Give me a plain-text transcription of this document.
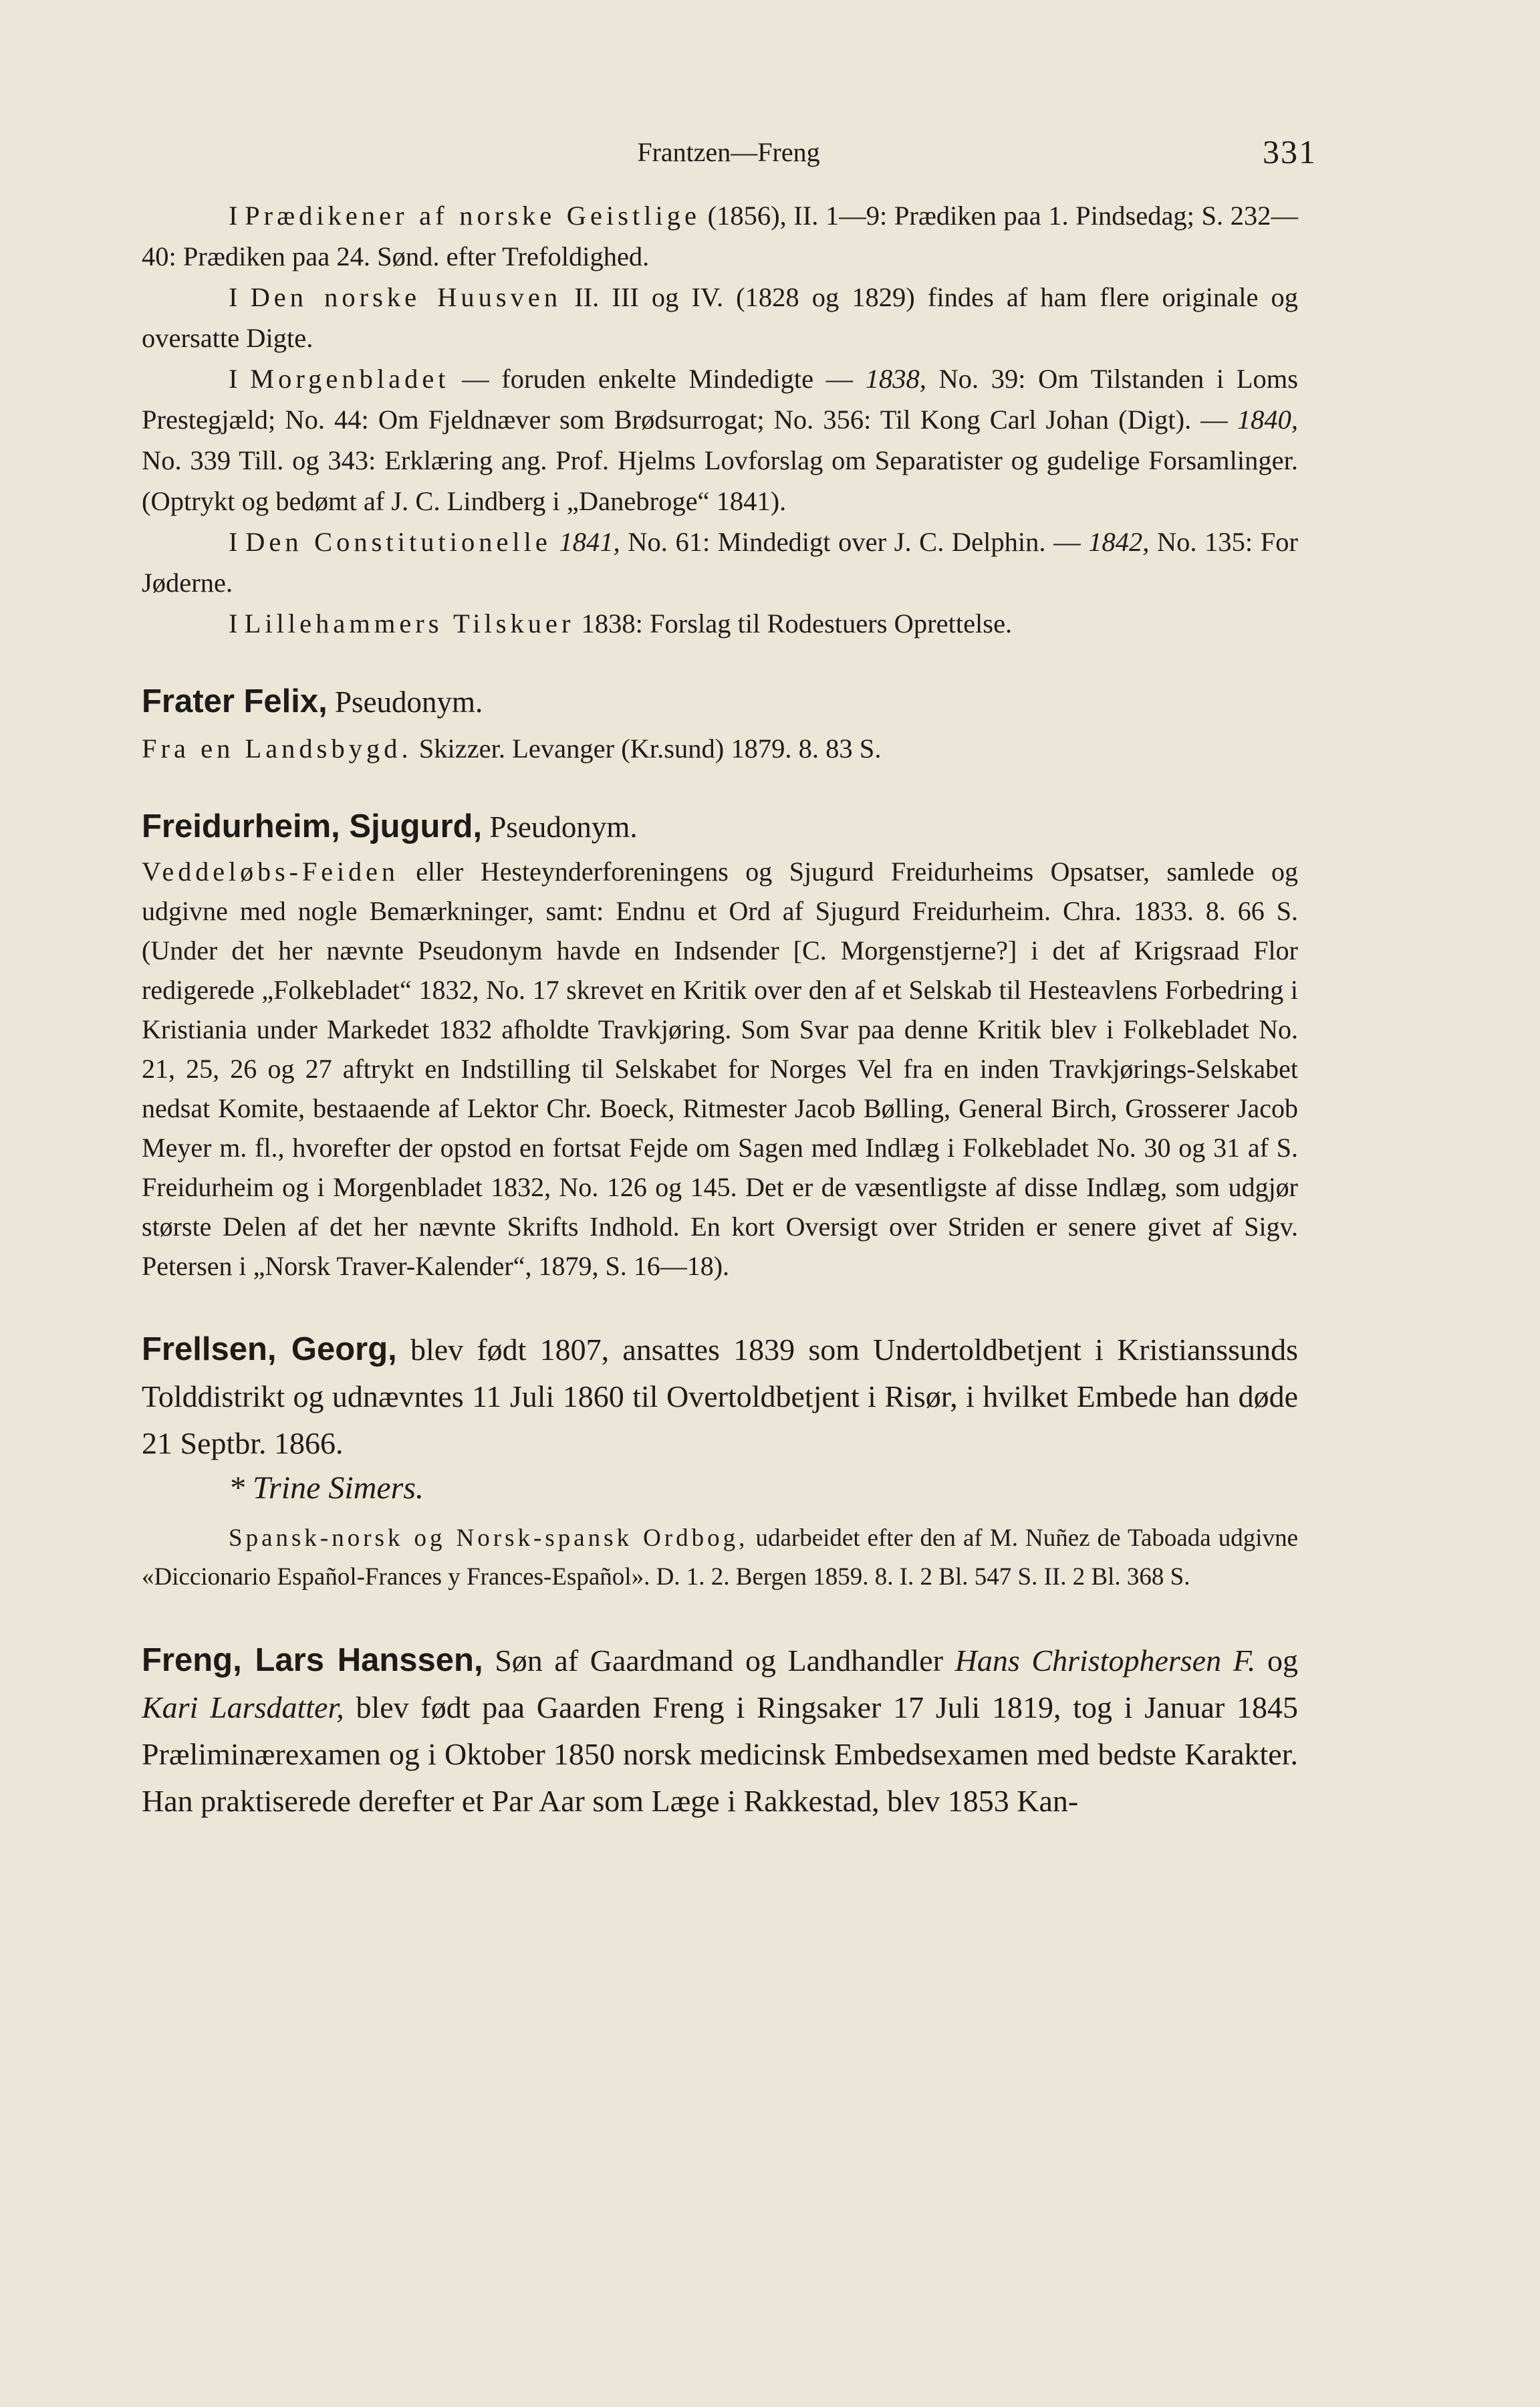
Frantzen—Freng	331

I Prædikener af norske Geistlige (1856), II. 1—9: Prædiken paa 1. Pindsedag; S. 232—40: Prædiken paa 24. Sønd. efter Trefoldighed.

I Den norske Huusven II. III og IV. (1828 og 1829) findes af ham flere originale og oversatte Digte.

I Morgenbladet — foruden enkelte Mindedigte — 1838, No. 39: Om Tilstanden i Loms Prestegjæld; No. 44: Om Fjeldnæver som Brødsurrogat; No. 356: Til Kong Carl Johan (Digt). — 1840, No. 339 Till. og 343: Erklæring ang. Prof. Hjelms Lovforslag om Separatister og gudelige Forsamlinger. (Optrykt og bedømt af J. C. Lindberg i „Danebroge“ 1841).

I Den Constitutionelle 1841, No. 61: Mindedigt over J. C. Delphin. — 1842, No. 135: For Jøderne.

I Lillehammers Tilskuer 1838: Forslag til Rodestuers Oprettelse.

Frater Felix, Pseudonym.

Fra en Landsbygd. Skizzer. Levanger (Kr.sund) 1879. 8. 83 S.

Freidurheim, Sjugurd, Pseudonym.

Veddeløbs-Feiden eller Hesteynderforeningens og Sjugurd Freidurheims Opsatser, samlede og udgivne med nogle Bemærkninger, samt: Endnu et Ord af Sjugurd Freidurheim. Chra. 1833. 8. 66 S. (Under det her nævnte Pseudonym havde en Indsender [C. Morgenstjerne?] i det af Krigsraad Flor redigerede „Folkebladet“ 1832, No. 17 skrevet en Kritik over den af et Selskab til Hesteavlens Forbedring i Kristiania under Markedet 1832 afholdte Travkjøring. Som Svar paa denne Kritik blev i Folkebladet No. 21, 25, 26 og 27 aftrykt en Indstilling til Selskabet for Norges Vel fra en inden Travkjørings-Selskabet nedsat Komite, bestaaende af Lektor Chr. Boeck, Ritmester Jacob Bølling, General Birch, Grosserer Jacob Meyer m. fl., hvorefter der opstod en fortsat Fejde om Sagen med Indlæg i Folkebladet No. 30 og 31 af S. Freidurheim og i Morgenbladet 1832, No. 126 og 145. Det er de væsentligste af disse Indlæg, som udgjør største Delen af det her nævnte Skrifts Indhold. En kort Oversigt over Striden er senere givet af Sigv. Petersen i „Norsk Traver-Kalender“, 1879, S. 16—18).

Frellsen, Georg, blev født 1807, ansattes 1839 som Undertoldbetjent i Kristianssunds Tolddistrikt og udnævntes 11 Juli 1860 til Overtoldbetjent i Risør, i hvilket Embede han døde 21 Septbr. 1866.

* Trine Simers.

Spansk-norsk og Norsk-spansk Ordbog, udarbeidet efter den af M. Nuñez de Taboada udgivne «Diccionario Español-Frances y Frances-Español». D. 1. 2. Bergen 1859. 8. I. 2 Bl. 547 S. II. 2 Bl. 368 S.

Freng, Lars Hanssen, Søn af Gaardmand og Landhandler Hans Christophersen F. og Kari Larsdatter, blev født paa Gaarden Freng i Ringsaker 17 Juli 1819, tog i Januar 1845 Præliminærexamen og i Oktober 1850 norsk medicinsk Embedsexamen med bedste Karakter. Han praktiserede derefter et Par Aar som Læge i Rakkestad, blev 1853 Kan-
